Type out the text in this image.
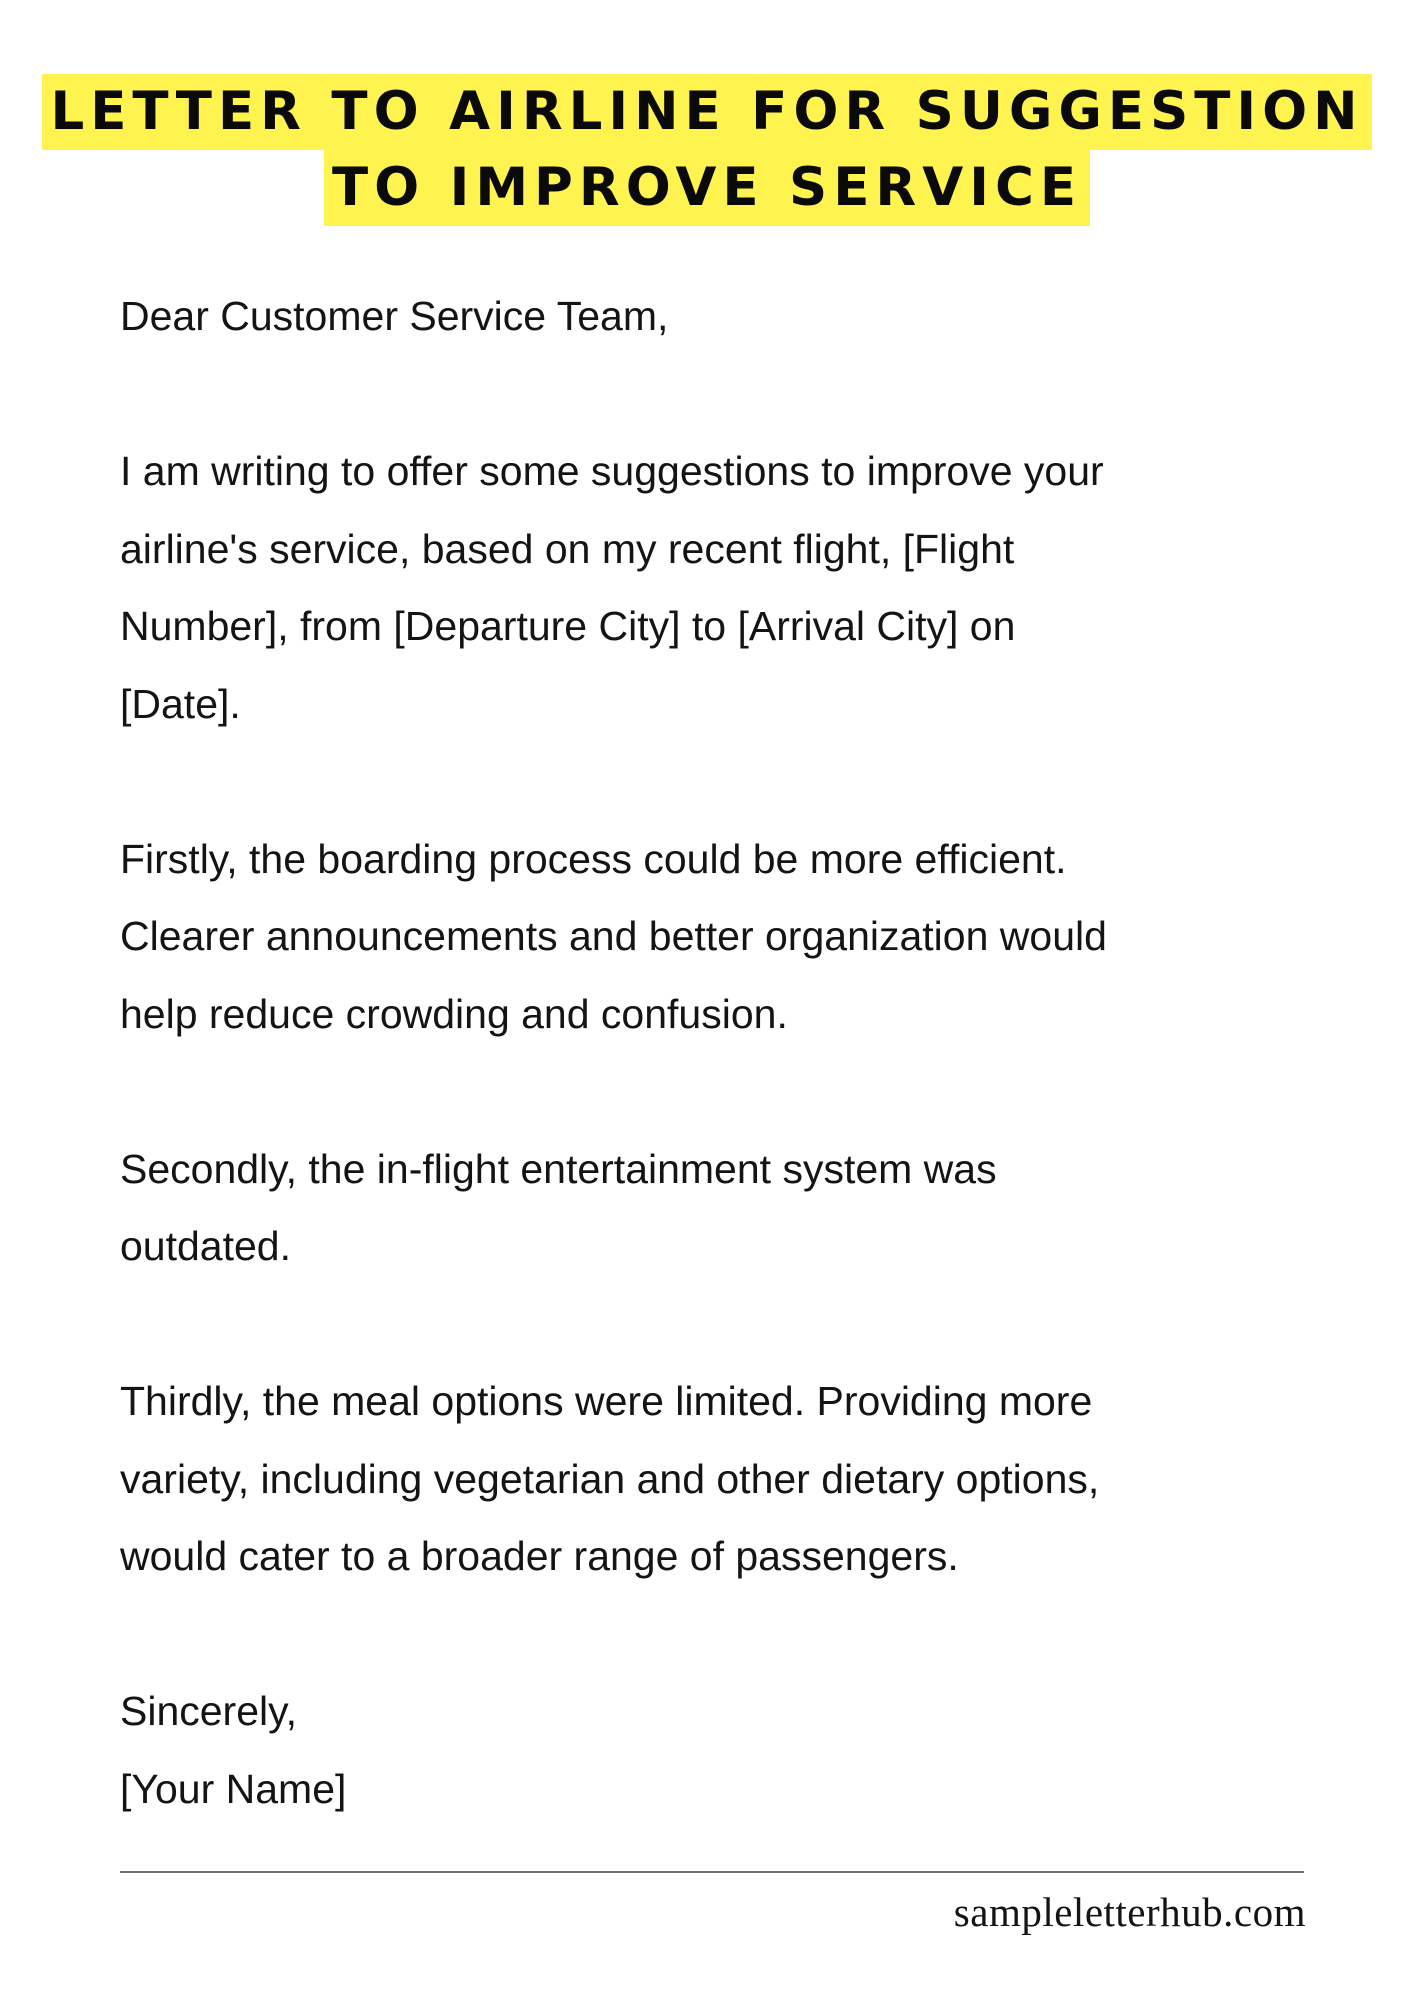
LETTER TO AIRLINE FOR SUGGESTION
TO IMPROVE SERVICE

Dear Customer Service Team,

I am writing to offer some suggestions to improve your
airline's service, based on my recent flight, [Flight
Number], from [Departure City] to [Arrival City] on
[Date].

Firstly, the boarding process could be more efficient.
Clearer announcements and better organization would
help reduce crowding and confusion.

Secondly, the in-flight entertainment system was
outdated.

Thirdly, the meal options were limited. Providing more
variety, including vegetarian and other dietary options,
would cater to a broader range of passengers.

Sincerely,
[Your Name]

sampleletterhub.com
